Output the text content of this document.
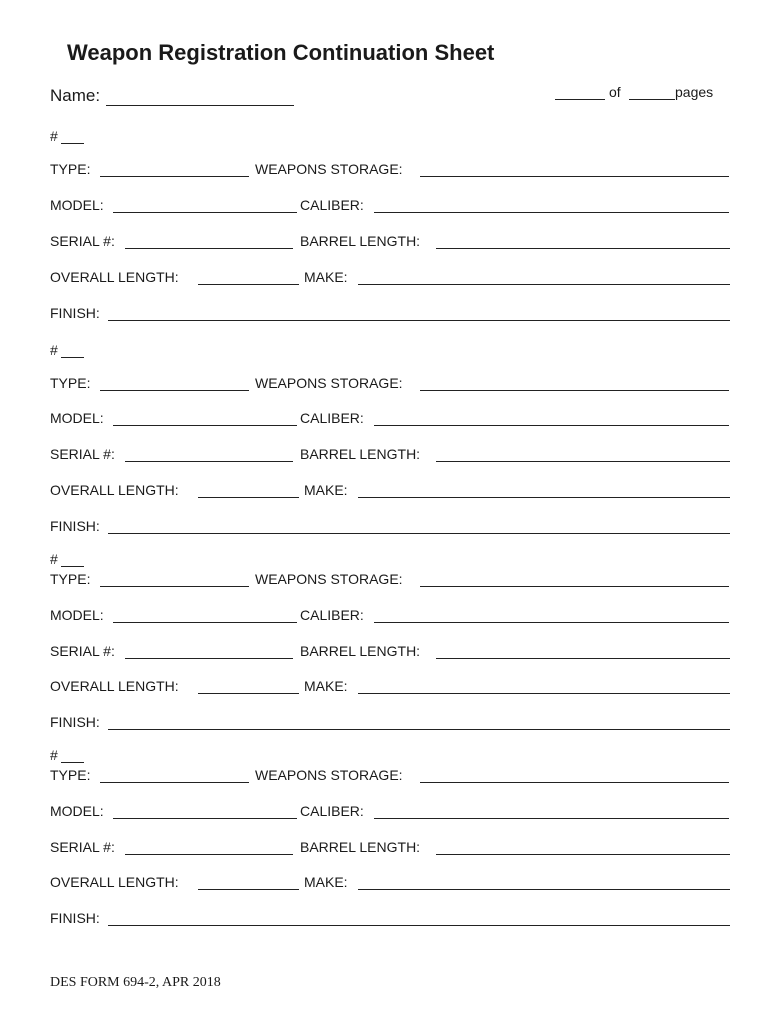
Weapon Registration Continuation Sheet
Name:	of	pages
#
TYPE:	WEAPONS STORAGE:
MODEL:	CALIBER:
SERIAL #:	BARREL LENGTH:
OVERALL LENGTH:	MAKE:
FINISH:
#
TYPE:	WEAPONS STORAGE:
MODEL:	CALIBER:
SERIAL #:	BARREL LENGTH:
OVERALL LENGTH:	MAKE:
FINISH:
#
TYPE:	WEAPONS STORAGE:
MODEL:	CALIBER:
SERIAL #:	BARREL LENGTH:
OVERALL LENGTH:	MAKE:
FINISH:
#
TYPE:	WEAPONS STORAGE:
MODEL:	CALIBER:
SERIAL #:	BARREL LENGTH:
OVERALL LENGTH:	MAKE:
FINISH:
DES FORM 694-2, APR 2018
